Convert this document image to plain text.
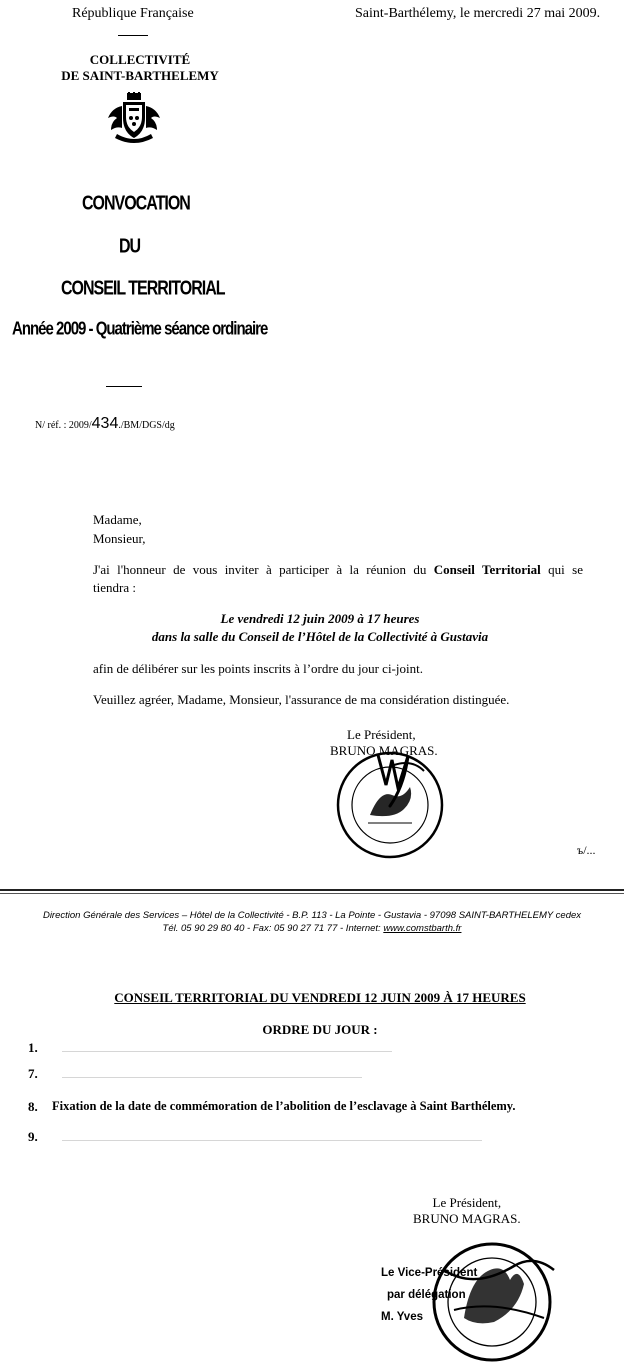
République Française	Saint-Barthélemy, le mercredi 27 mai 2009.
COLLECTIVITÉ
DE SAINT-BARTHELEMY
CONVOCATION
DU
CONSEIL TERRITORIAL
Année 2009 - Quatrième séance ordinaire
N/ réf. : 2009/434./BM/DGS/dg
Madame,
Monsieur,
J'ai l'honneur de vous inviter à participer à la réunion du Conseil Territorial qui se
tiendra :
Le vendredi 12 juin 2009 à 17 heures
dans la salle du Conseil de l’Hôtel de la Collectivité à Gustavia
afin de délibérer sur les points inscrits à l’ordre du jour ci-joint.
Veuillez agréer, Madame, Monsieur, l'assurance de ma considération distinguée.
Le Président,
BRUNO MAGRAS.
ъ/...
Direction Générale des Services – Hôtel de la Collectivité - B.P. 113 - La Pointe - Gustavia - 97098 SAINT-BARTHELEMY cedex
Tél. 05 90 29 80 40 - Fax: 05 90 27 71 77 - Internet: www.comstbarth.fr
CONSEIL TERRITORIAL DU VENDREDI 12 JUIN 2009 À 17 HEURES
ORDRE DU JOUR :
1.
7.
8. Fixation de la date de commémoration de l’abolition de l’esclavage à Saint Barthélemy.
9.
Le Président,
BRUNO MAGRAS.
Le Vice-Président
par délégation
M. Yves
